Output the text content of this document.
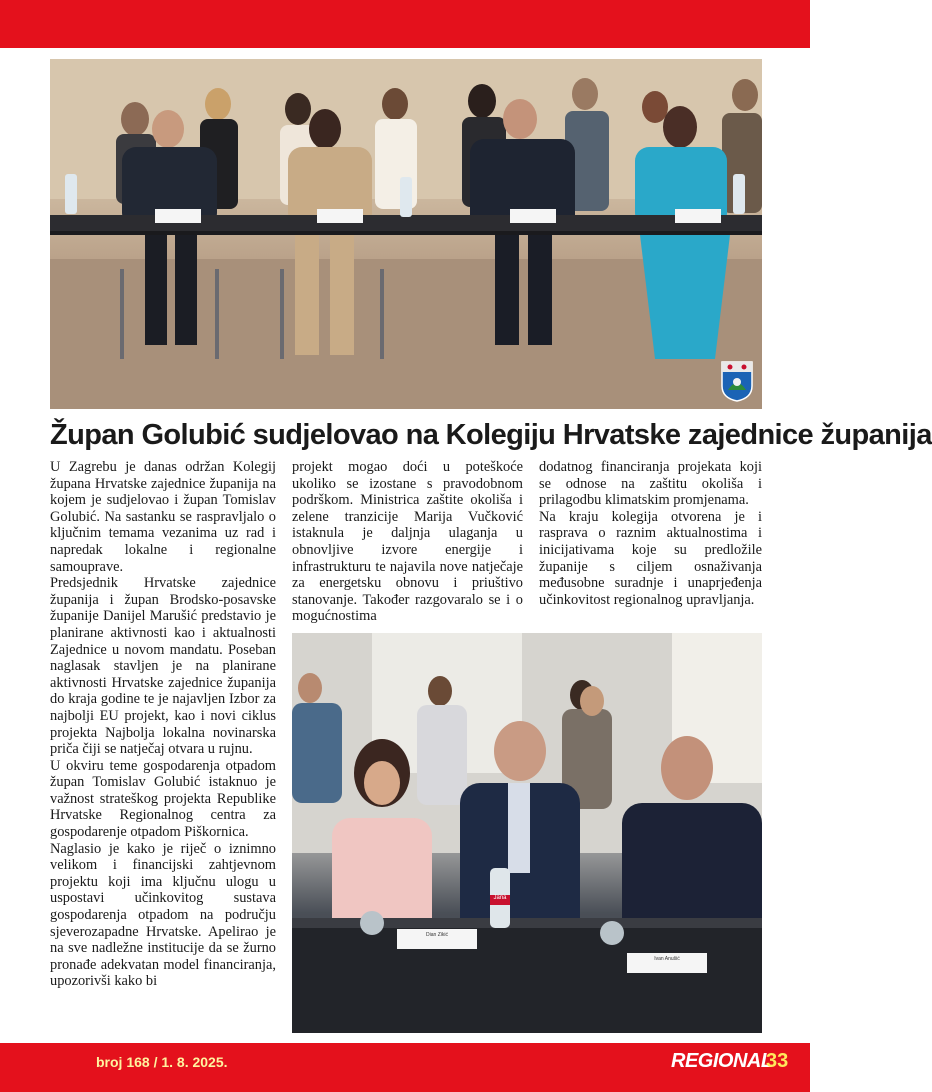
Župan Golubić sudjelovao na Kolegiju Hrvatske zajednice županija

U Zagrebu je danas održan Kolegij županа Hrvatske zajednice županija na kojem je sudjelovao i župan Tomislav Golubić. Na sastanku se raspravljalo o ključnim temama vezanima uz rad i napredak lokalne i regionalne samouprave.

Predsjednik Hrvatske zajednice županija i župan Brodsko-posavske županije Danijel Marušić predstavio je planirane aktivnosti kao i aktualnosti Zajednice u novom mandatu. Poseban naglasak stavljen je na planirane aktivnosti Hrvatske zajednice županija do kraja godine te je najavljen Izbor za najbolji EU projekt, kao i novi ciklus projekta Najbolja lokalna novinarska priča čiji se natječaj otvara u rujnu.

U okviru teme gospodarenja otpadom župan Tomislav Golubić istaknuo je važnost strateškog projekta Republike Hrvatske Regionalnog centra za gospodarenje otpadom Piškornica.

Naglasio je kako je riječ o iznimno velikom i financijski zahtjevnom projektu koji ima ključnu ulogu u uspostavi učinkovitog sustava gospodarenja otpadom na području sjeverozapadne Hrvatske. Apelirao je na sve nadležne institucije da se žurno pronađe adekvatan model financiranja, upozorivši kako bi

projekt mogao doći u poteškoće ukoliko se izostane s pravodobnom podrškom. Ministrica zaštite okoliša i zelene tranzicije Marija Vučković istaknula je daljnja ulaganja u obnovljive izvore energije i infrastrukturu te najavila nove natječaje za energetsku obnovu i priuštivo stanovanje. Također razgovaralo se i o mogućnostima

dodatnog financiranja projekata koji se odnose na zaštitu okoliša i prilagodbu klimatskim promjenama.

Na kraju kolegija otvorena je i rasprava o raznim aktualnostima i inicijativama koje su predložile županije s ciljem osnaživanja međusobne suradnje i unaprjeđenja učinkovitost regionalnog upravljanja.

Jana
Dian Zikić
Ivan Anušić
broj 168 / 1. 8. 2025.	REGIONAL
33
